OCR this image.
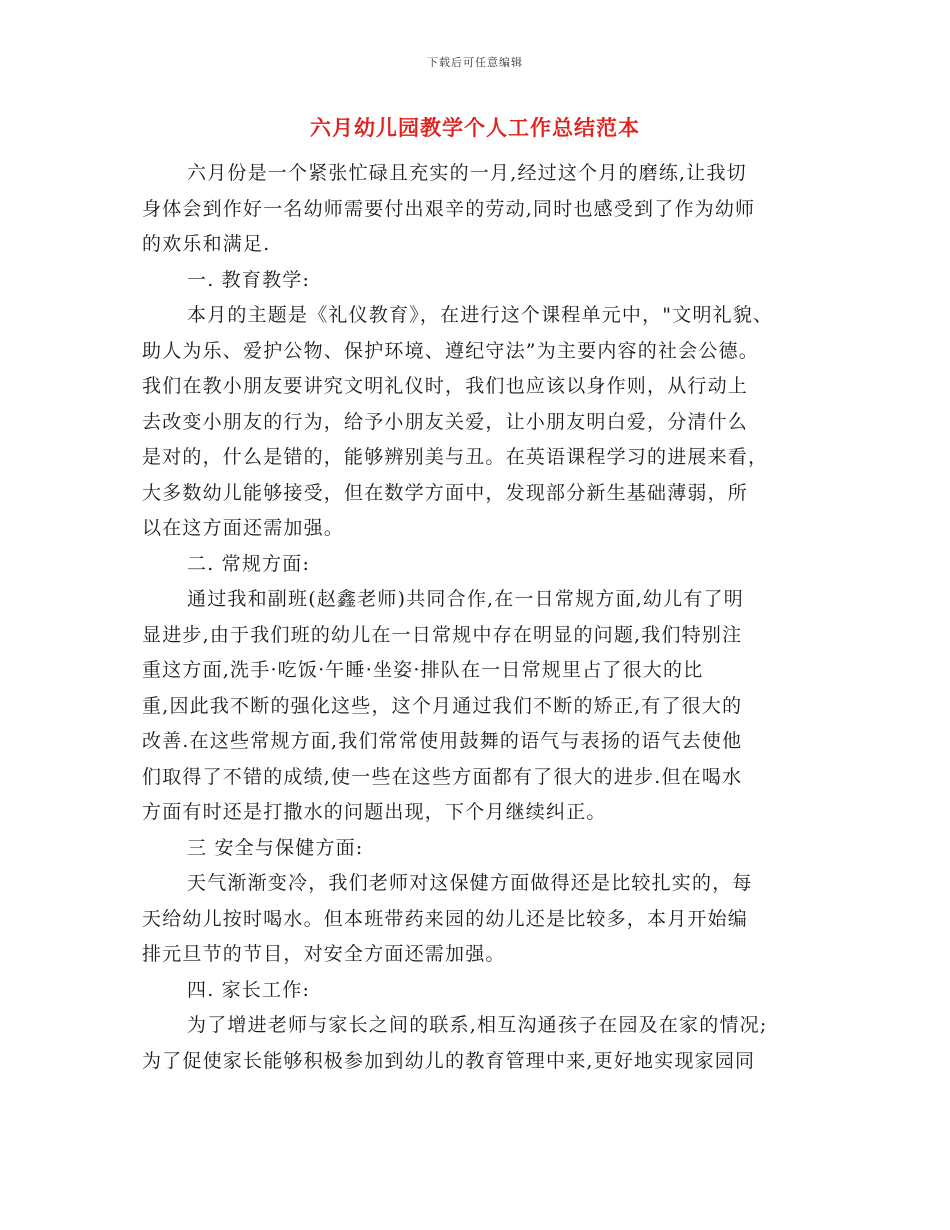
下载后可任意编辑
六月幼儿园教学个人工作总结范本
六月份是一个紧张忙碌且充实的一月,经过这个月的磨练,让我切
身体会到作好一名幼师需要付出艰辛的劳动,同时也感受到了作为幼师
的欢乐和满足.
一. 教育教学:
本月的主题是《礼仪教育》，在进行这个课程单元中，"文明礼貌、
助人为乐、爱护公物、保护环境、遵纪守法”为主要内容的社会公德。
我们在教小朋友要讲究文明礼仪时，我们也应该以身作则，从行动上
去改变小朋友的行为，给予小朋友关爱，让小朋友明白爱，分清什么
是对的，什么是错的，能够辨别美与丑。在英语课程学习的进展来看，
大多数幼儿能够接受，但在数学方面中，发现部分新生基础薄弱，所
以在这方面还需加强。
二. 常规方面:
通过我和副班(赵鑫老师)共同合作,在一日常规方面,幼儿有了明
显进步,由于我们班的幼儿在一日常规中存在明显的问题,我们特别注
重这方面,洗手·吃饭·午睡·坐姿·排队在一日常规里占了很大的比
重,因此我不断的强化这些，这个月通过我们不断的矫正,有了很大的
改善.在这些常规方面,我们常常使用鼓舞的语气与表扬的语气去使他
们取得了不错的成绩,使一些在这些方面都有了很大的进步.但在喝水
方面有时还是打撒水的问题出现，下个月继续纠正。
三 安全与保健方面:
天气渐渐变冷，我们老师对这保健方面做得还是比较扎实的，每
天给幼儿按时喝水。但本班带药来园的幼儿还是比较多，本月开始编
排元旦节的节目，对安全方面还需加强。
四. 家长工作:
为了增进老师与家长之间的联系,相互沟通孩子在园及在家的情况;
为了促使家长能够积极参加到幼儿的教育管理中来,更好地实现家园同
